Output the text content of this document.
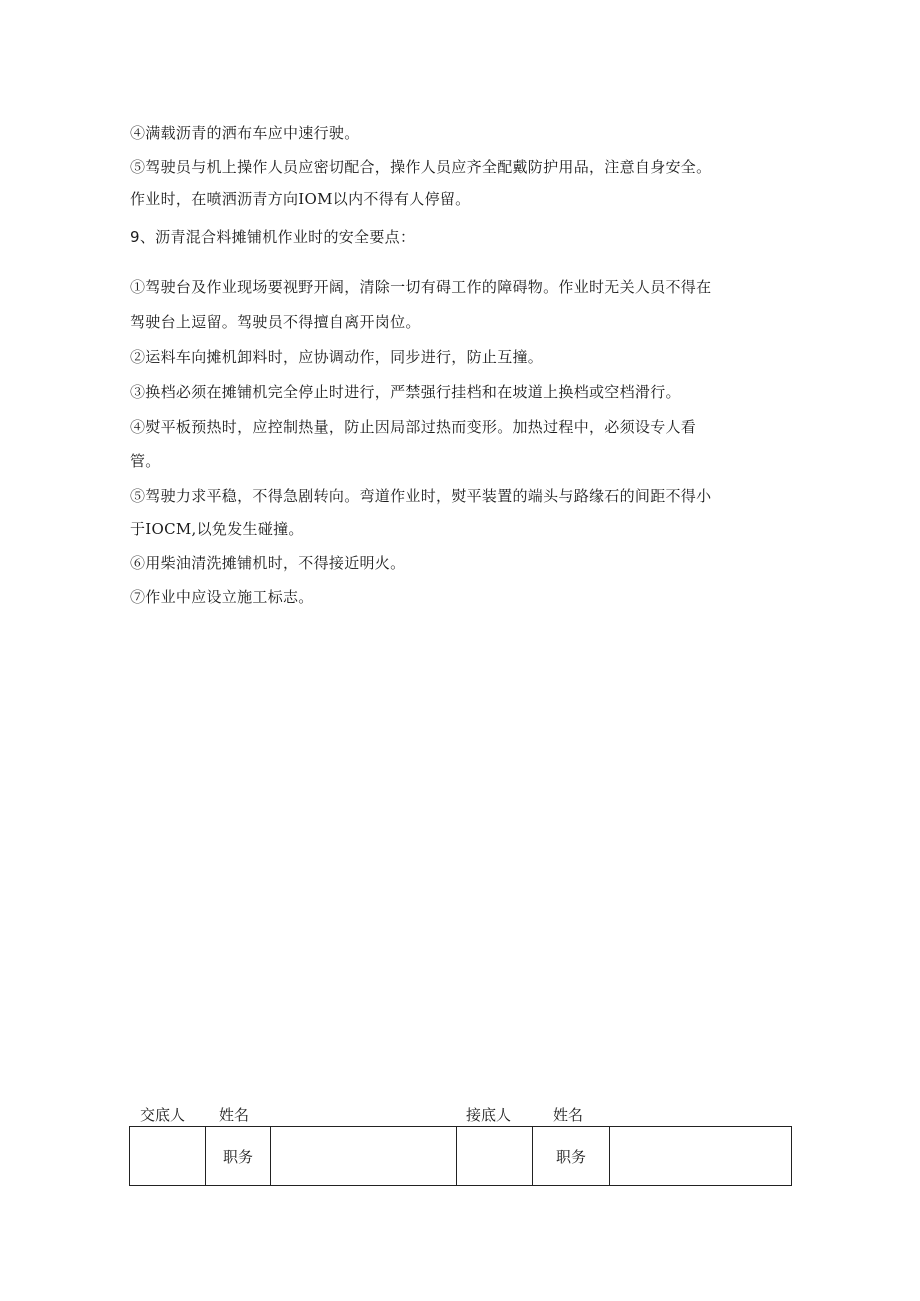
④满载沥青的洒布车应中速行驶。
⑤驾驶员与机上操作人员应密切配合，操作人员应齐全配戴防护用品，注意自身安全。
作业时，在喷洒沥青方向IOM以内不得有人停留。
9、沥青混合料摊铺机作业时的安全要点：
①驾驶台及作业现场要视野开阔，清除一切有碍工作的障碍物。作业时无关人员不得在
驾驶台上逗留。驾驶员不得擅自离开岗位。
②运料车向摊机卸料时，应协调动作，同步进行，防止互撞。
③换档必须在摊铺机完全停止时进行，严禁强行挂档和在坡道上换档或空档滑行。
④熨平板预热时，应控制热量，防止因局部过热而变形。加热过程中，必须设专人看
管。
⑤驾驶力求平稳，不得急剧转向。弯道作业时，熨平装置的端头与路缘石的间距不得小
于IOCM,以免发生碰撞。
⑥用柴油清洗摊铺机时，不得接近明火。
⑦作业中应设立施工标志。
交底人 姓名	接底人	姓名
	职务			职务	
